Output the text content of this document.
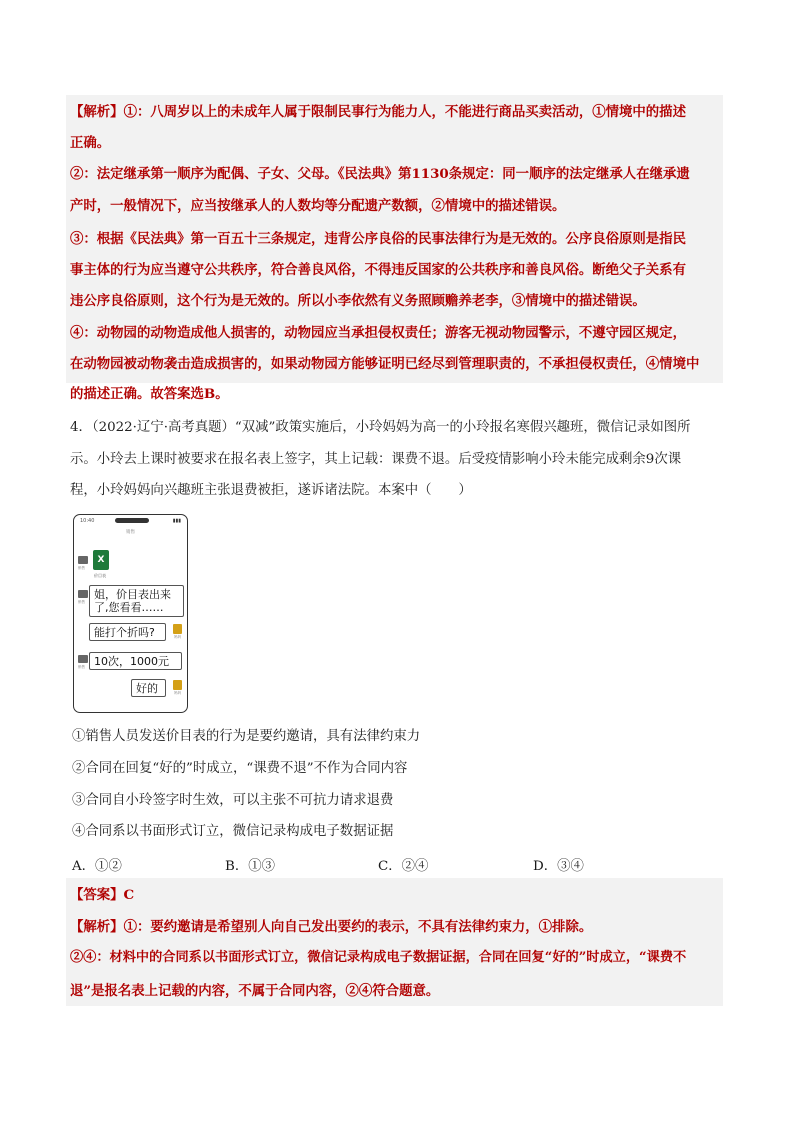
【解析】①：八周岁以上的未成年人属于限制民事行为能力人，不能进行商品买卖活动，①情境中的描述
正确。
②：法定继承第一顺序为配偶、子女、父母。《民法典》第1130条规定：同一顺序的法定继承人在继承遗
产时，一般情况下，应当按继承人的人数均等分配遗产数额，②情境中的描述错误。
③：根据《民法典》第一百五十三条规定，违背公序良俗的民事法律行为是无效的。公序良俗原则是指民
事主体的行为应当遵守公共秩序，符合善良风俗，不得违反国家的公共秩序和善良风俗。断绝父子关系有
违公序良俗原则，这个行为是无效的。所以小李依然有义务照顾赡养老李，③情境中的描述错误。
④：动物园的动物造成他人损害的，动物园应当承担侵权责任；游客无视动物园警示，不遵守园区规定，
在动物园被动物袭击造成损害的，如果动物园方能够证明已经尽到管理职责的，不承担侵权责任，④情境中
的描述正确。故答案选B。
4．（2022·辽宁·高考真题）“双减”政策实施后，小玲妈妈为高一的小玲报名寒假兴趣班，微信记录如图所
示。小玲去上课时被要求在报名表上签字，其上记载：课费不退。后受疫情影响小玲未能完成剩余9次课
程，小玲妈妈向兴趣班主张退费被拒，遂诉诸法院。本案中（　　）
10:40	▮▮▮
销售
销售
X
价目表
销售
姐，价目表出来了,您看看……
能打个折吗?	妈妈
销售 10次，1000元
好的	妈妈
①销售人员发送价目表的行为是要约邀请，具有法律约束力
②合同在回复“好的”时成立，“课费不退”不作为合同内容
③合同自小玲签字时生效，可以主张不可抗力请求退费
④合同系以书面形式订立，微信记录构成电子数据证据
A．①②	B．①③	C．②④	D．③④
【答案】C
【解析】①：要约邀请是希望别人向自己发出要约的表示，不具有法律约束力，①排除。
②④：材料中的合同系以书面形式订立，微信记录构成电子数据证据，合同在回复“好的”时成立，“课费不
退”是报名表上记载的内容，不属于合同内容，②④符合题意。
